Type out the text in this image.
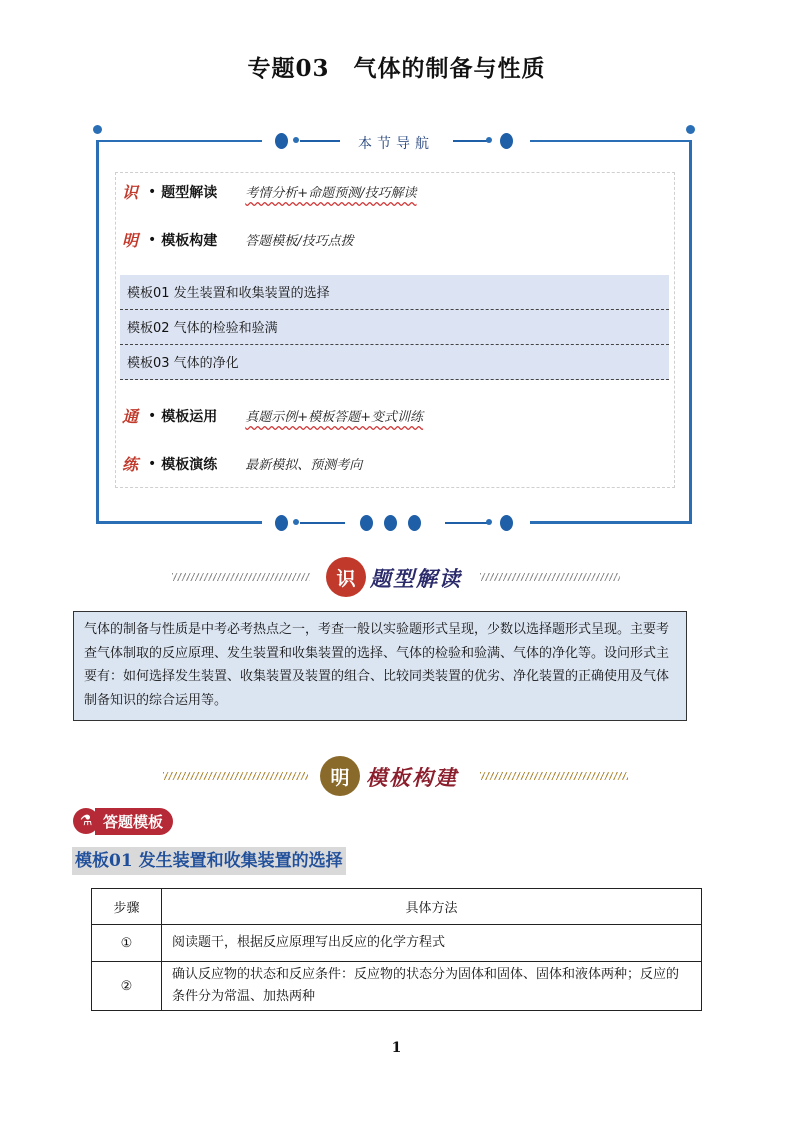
专题03　气体的制备与性质
本节导航
识 • 题型解读	考情分析+命题预测/技巧解读
明 • 模板构建	答题模板/技巧点拨
模板01 发生装置和收集装置的选择
模板02 气体的检验和验满
模板03 气体的净化
通 • 模板运用	真题示例+模板答题+变式训练
练 • 模板演练	最新模拟、预测考向
识 题型解读
气体的制备与性质是中考必考热点之一，考查一般以实验题形式呈现，少数以选择题形式呈现。主要考查气体制取的反应原理、发生装置和收集装置的选择、气体的检验和验满、气体的净化等。设问形式主要有：如何选择发生装置、收集装置及装置的组合、比较同类装置的优劣、净化装置的正确使用及气体制备知识的综合运用等。
明 模板构建
⚗ 答题模板
模板01 发生装置和收集装置的选择
步骤	具体方法
①	阅读题干，根据反应原理写出反应的化学方程式
②	确认反应物的状态和反应条件：反应物的状态分为固体和固体、固体和液体两种；反应的条件分为常温、加热两种
1
